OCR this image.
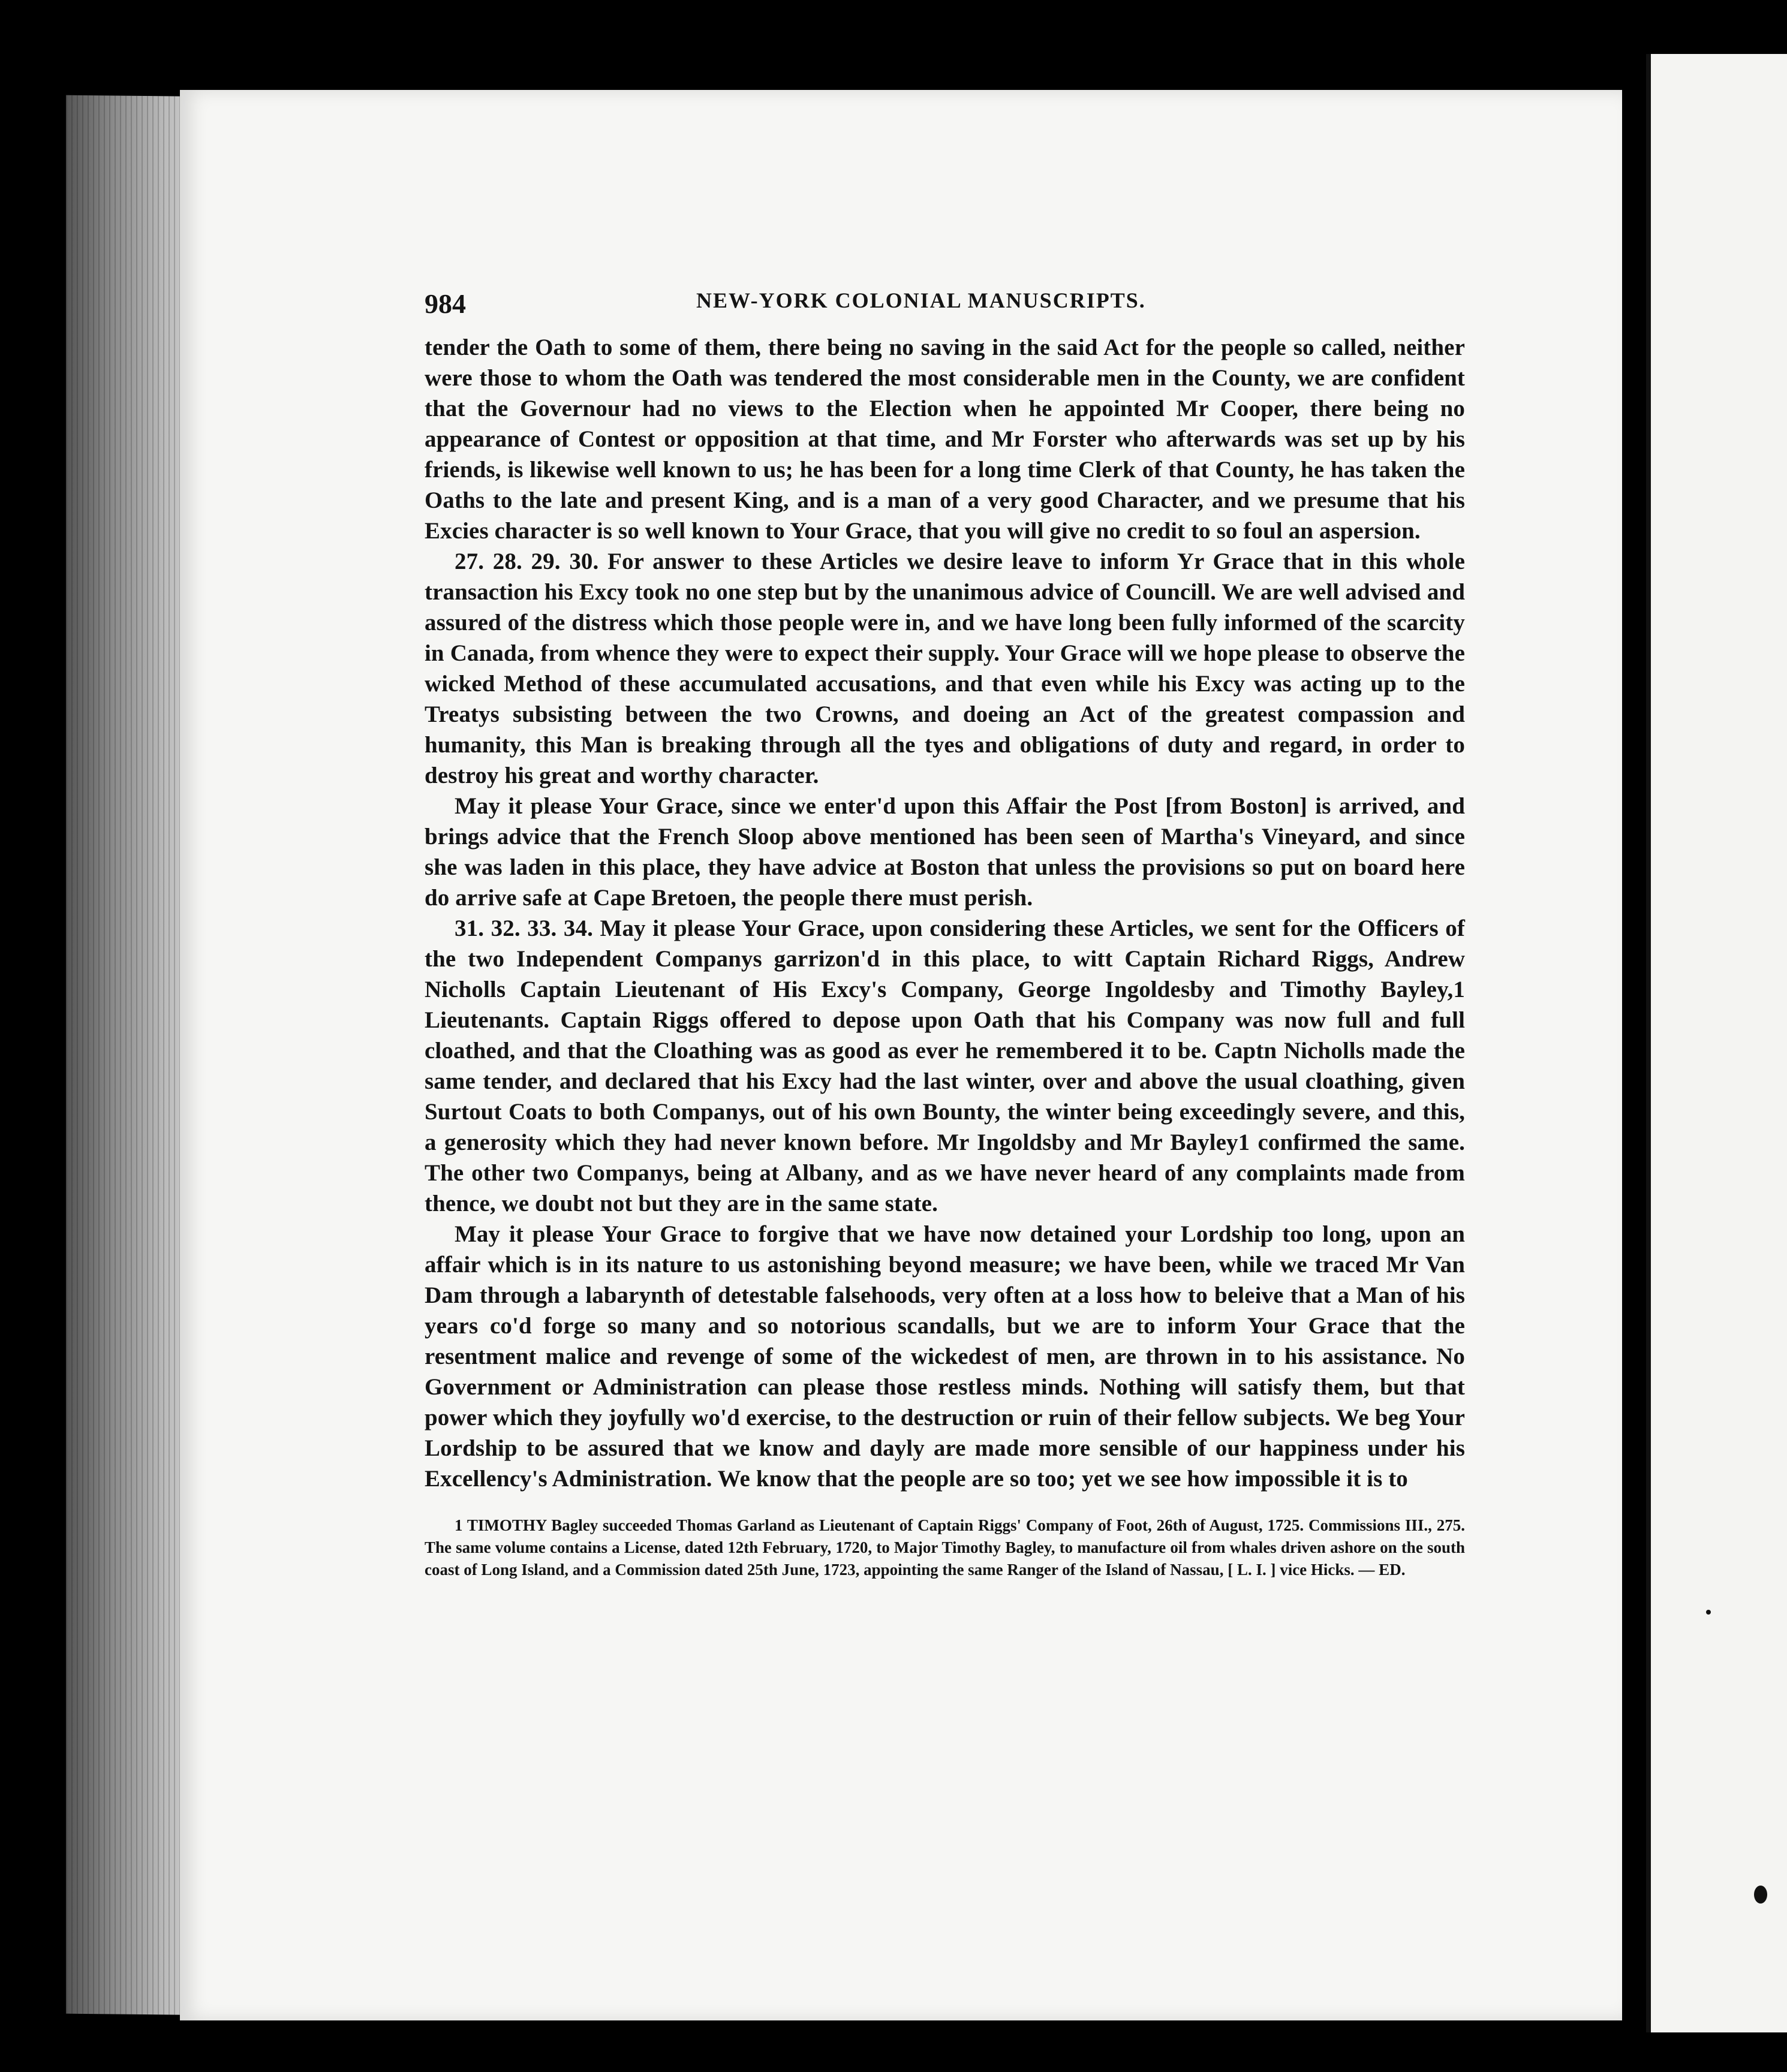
984	NEW-YORK COLONIAL MANUSCRIPTS.

tender the Oath to some of them, there being no saving in the said Act for the people so called, neither were those to whom the Oath was tendered the most considerable men in the County, we are confident that the Governour had no views to the Election when he appointed Mr Cooper, there being no appearance of Contest or opposition at that time, and Mr Forster who afterwards was set up by his friends, is likewise well known to us; he has been for a long time Clerk of that County, he has taken the Oaths to the late and present King, and is a man of a very good Character, and we presume that his Excies character is so well known to Your Grace, that you will give no credit to so foul an aspersion.

27. 28. 29. 30. For answer to these Articles we desire leave to inform Yr Grace that in this whole transaction his Excy took no one step but by the unanimous advice of Councill. We are well advised and assured of the distress which those people were in, and we have long been fully informed of the scarcity in Canada, from whence they were to expect their supply. Your Grace will we hope please to observe the wicked Method of these accumulated accusations, and that even while his Excy was acting up to the Treatys subsisting between the two Crowns, and doeing an Act of the greatest compassion and humanity, this Man is breaking through all the tyes and obligations of duty and regard, in order to destroy his great and worthy character.

May it please Your Grace, since we enter'd upon this Affair the Post [from Boston] is arrived, and brings advice that the French Sloop above mentioned has been seen of Martha's Vineyard, and since she was laden in this place, they have advice at Boston that unless the provisions so put on board here do arrive safe at Cape Bretoen, the people there must perish.

31. 32. 33. 34. May it please Your Grace, upon considering these Articles, we sent for the Officers of the two Independent Companys garrizon'd in this place, to witt Captain Richard Riggs, Andrew Nicholls Captain Lieutenant of His Excy's Company, George Ingoldesby and Timothy Bayley,1 Lieutenants. Captain Riggs offered to depose upon Oath that his Company was now full and full cloathed, and that the Cloathing was as good as ever he remembered it to be. Captn Nicholls made the same tender, and declared that his Excy had the last winter, over and above the usual cloathing, given Surtout Coats to both Companys, out of his own Bounty, the winter being exceedingly severe, and this, a generosity which they had never known before. Mr Ingoldsby and Mr Bayley1 confirmed the same. The other two Companys, being at Albany, and as we have never heard of any complaints made from thence, we doubt not but they are in the same state.

May it please Your Grace to forgive that we have now detained your Lordship too long, upon an affair which is in its nature to us astonishing beyond measure; we have been, while we traced Mr Van Dam through a labarynth of detestable falsehoods, very often at a loss how to beleive that a Man of his years co'd forge so many and so notorious scandalls, but we are to inform Your Grace that the resentment malice and revenge of some of the wickedest of men, are thrown in to his assistance. No Government or Administration can please those restless minds. Nothing will satisfy them, but that power which they joyfully wo'd exercise, to the destruction or ruin of their fellow subjects. We beg Your Lordship to be assured that we know and dayly are made more sensible of our happiness under his Excellency's Administration. We know that the people are so too; yet we see how impossible it is to

1 TIMOTHY Bagley succeeded Thomas Garland as Lieutenant of Captain Riggs' Company of Foot, 26th of August, 1725. Commissions III., 275. The same volume contains a License, dated 12th February, 1720, to Major Timothy Bagley, to manufacture oil from whales driven ashore on the south coast of Long Island, and a Commission dated 25th June, 1723, appointing the same Ranger of the Island of Nassau, [ L. I. ] vice Hicks. — ED.
